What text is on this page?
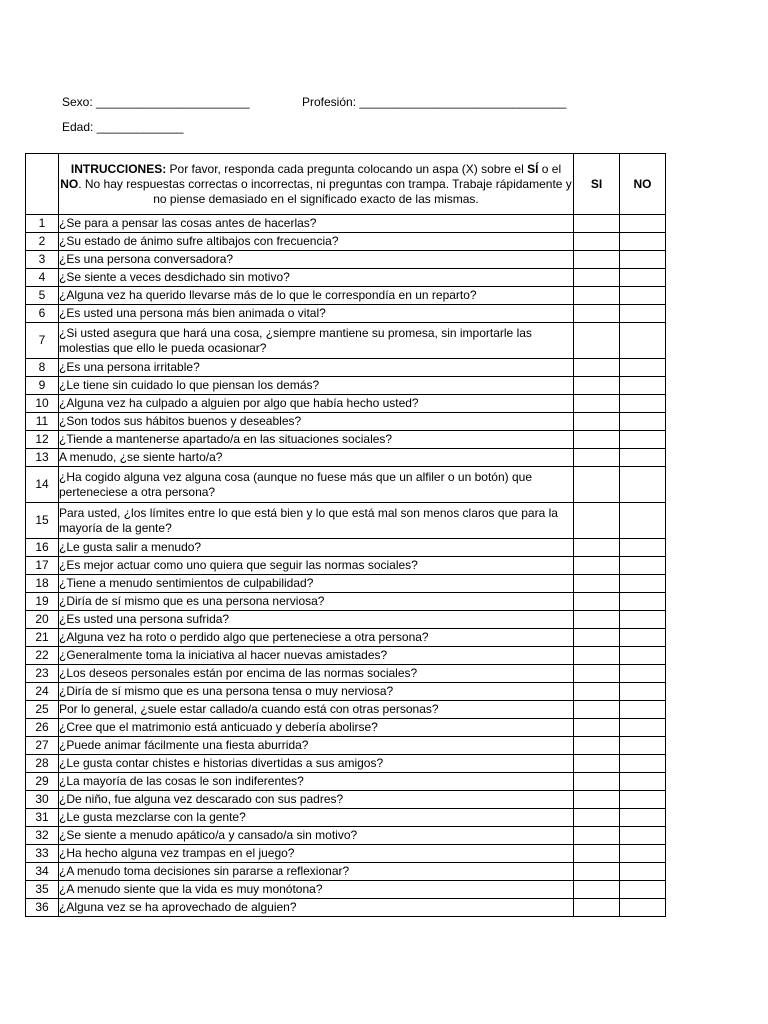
Sexo: _______________________	Profesión: _______________________________
Edad: _____________
	INTRUCCIONES: Por favor, responda cada pregunta colocando un aspa (X) sobre el SÍ o el NO. No hay respuestas correctas o incorrectas, ni preguntas con trampa. Trabaje rápidamente y no piense demasiado en el significado exacto de las mismas.	SI	NO
1	¿Se para a pensar las cosas antes de hacerlas?		
2	¿Su estado de ánimo sufre altibajos con frecuencia?		
3	¿Es una persona conversadora?		
4	¿Se siente a veces desdichado sin motivo?		
5	¿Alguna vez ha querido llevarse más de lo que le correspondía en un reparto?		
6	¿Es usted una persona más bien animada o vital?		
7	¿Si usted asegura que hará una cosa, ¿siempre mantiene su promesa, sin importarle las molestias que ello le pueda ocasionar?		
8	¿Es una persona irritable?		
9	¿Le tiene sin cuidado lo que piensan los demás?		
10	¿Alguna vez ha culpado a alguien por algo que había hecho usted?		
11	¿Son todos sus hábitos buenos y deseables?		
12	¿Tiende a mantenerse apartado/a en las situaciones sociales?		
13	A menudo, ¿se siente harto/a?		
14	¿Ha cogido alguna vez alguna cosa (aunque no fuese más que un alfiler o un botón) que perteneciese a otra persona?		
15	Para usted, ¿los límites entre lo que está bien y lo que está mal son menos claros que para la mayoría de la gente?		
16	¿Le gusta salir a menudo?		
17	¿Es mejor actuar como uno quiera que seguir las normas sociales?		
18	¿Tiene a menudo sentimientos de culpabilidad?		
19	¿Diría de sí mismo que es una persona nerviosa?		
20	¿Es usted una persona sufrida?		
21	¿Alguna vez ha roto o perdido algo que perteneciese a otra persona?		
22	¿Generalmente toma la iniciativa al hacer nuevas amistades?		
23	¿Los deseos personales están por encima de las normas sociales?		
24	¿Diría de sí mismo que es una persona tensa o muy nerviosa?		
25	Por lo general, ¿suele estar callado/a cuando está con otras personas?		
26	¿Cree que el matrimonio está anticuado y debería abolirse?		
27	¿Puede animar fácilmente una fiesta aburrida?		
28	¿Le gusta contar chistes e historias divertidas a sus amigos?		
29	¿La mayoría de las cosas le son indiferentes?		
30	¿De niño, fue alguna vez descarado con sus padres?		
31	¿Le gusta mezclarse con la gente?		
32	¿Se siente a menudo apático/a y cansado/a sin motivo?		
33	¿Ha hecho alguna vez trampas en el juego?		
34	¿A menudo toma decisiones sin pararse a reflexionar?		
35	¿A menudo siente que la vida es muy monótona?		
36	¿Alguna vez se ha aprovechado de alguien?		
